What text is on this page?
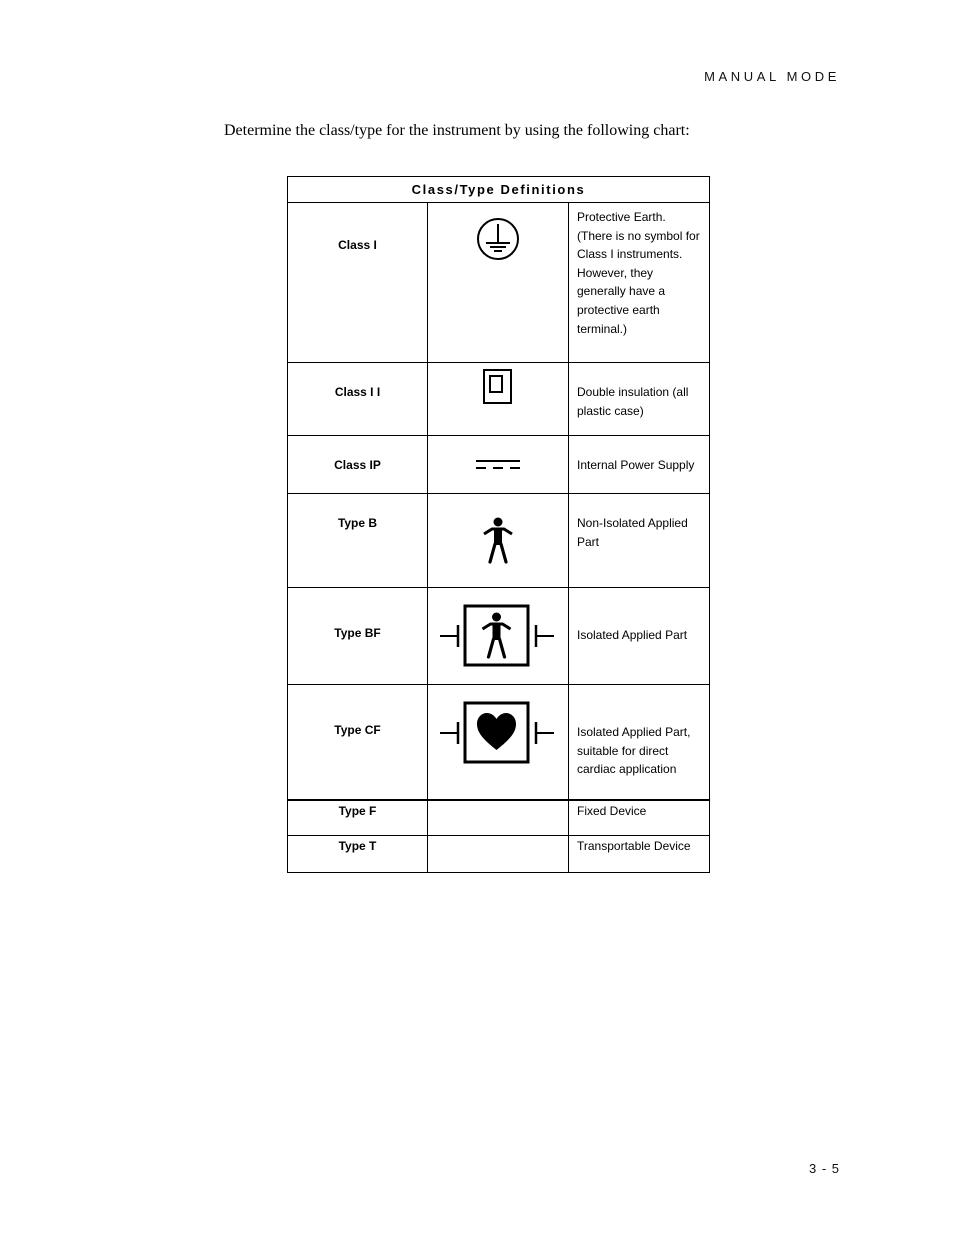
MANUAL MODE
Determine the class/type for the instrument by using the following chart:
Class/Type Definitions		

Class I		Protective Earth. (There is no symbol for Class I instruments. However, they generally have a protective earth terminal.)

Class I I		Double insulation (all plastic case)

Class IP		Internal Power Supply

Type B		Non-Isolated Applied Part

Type BF		Isolated Applied Part

Type CF		Isolated Applied Part, suitable for direct cardiac application

Type F		Fixed Device

Type T		Transportable Device
3 - 5
